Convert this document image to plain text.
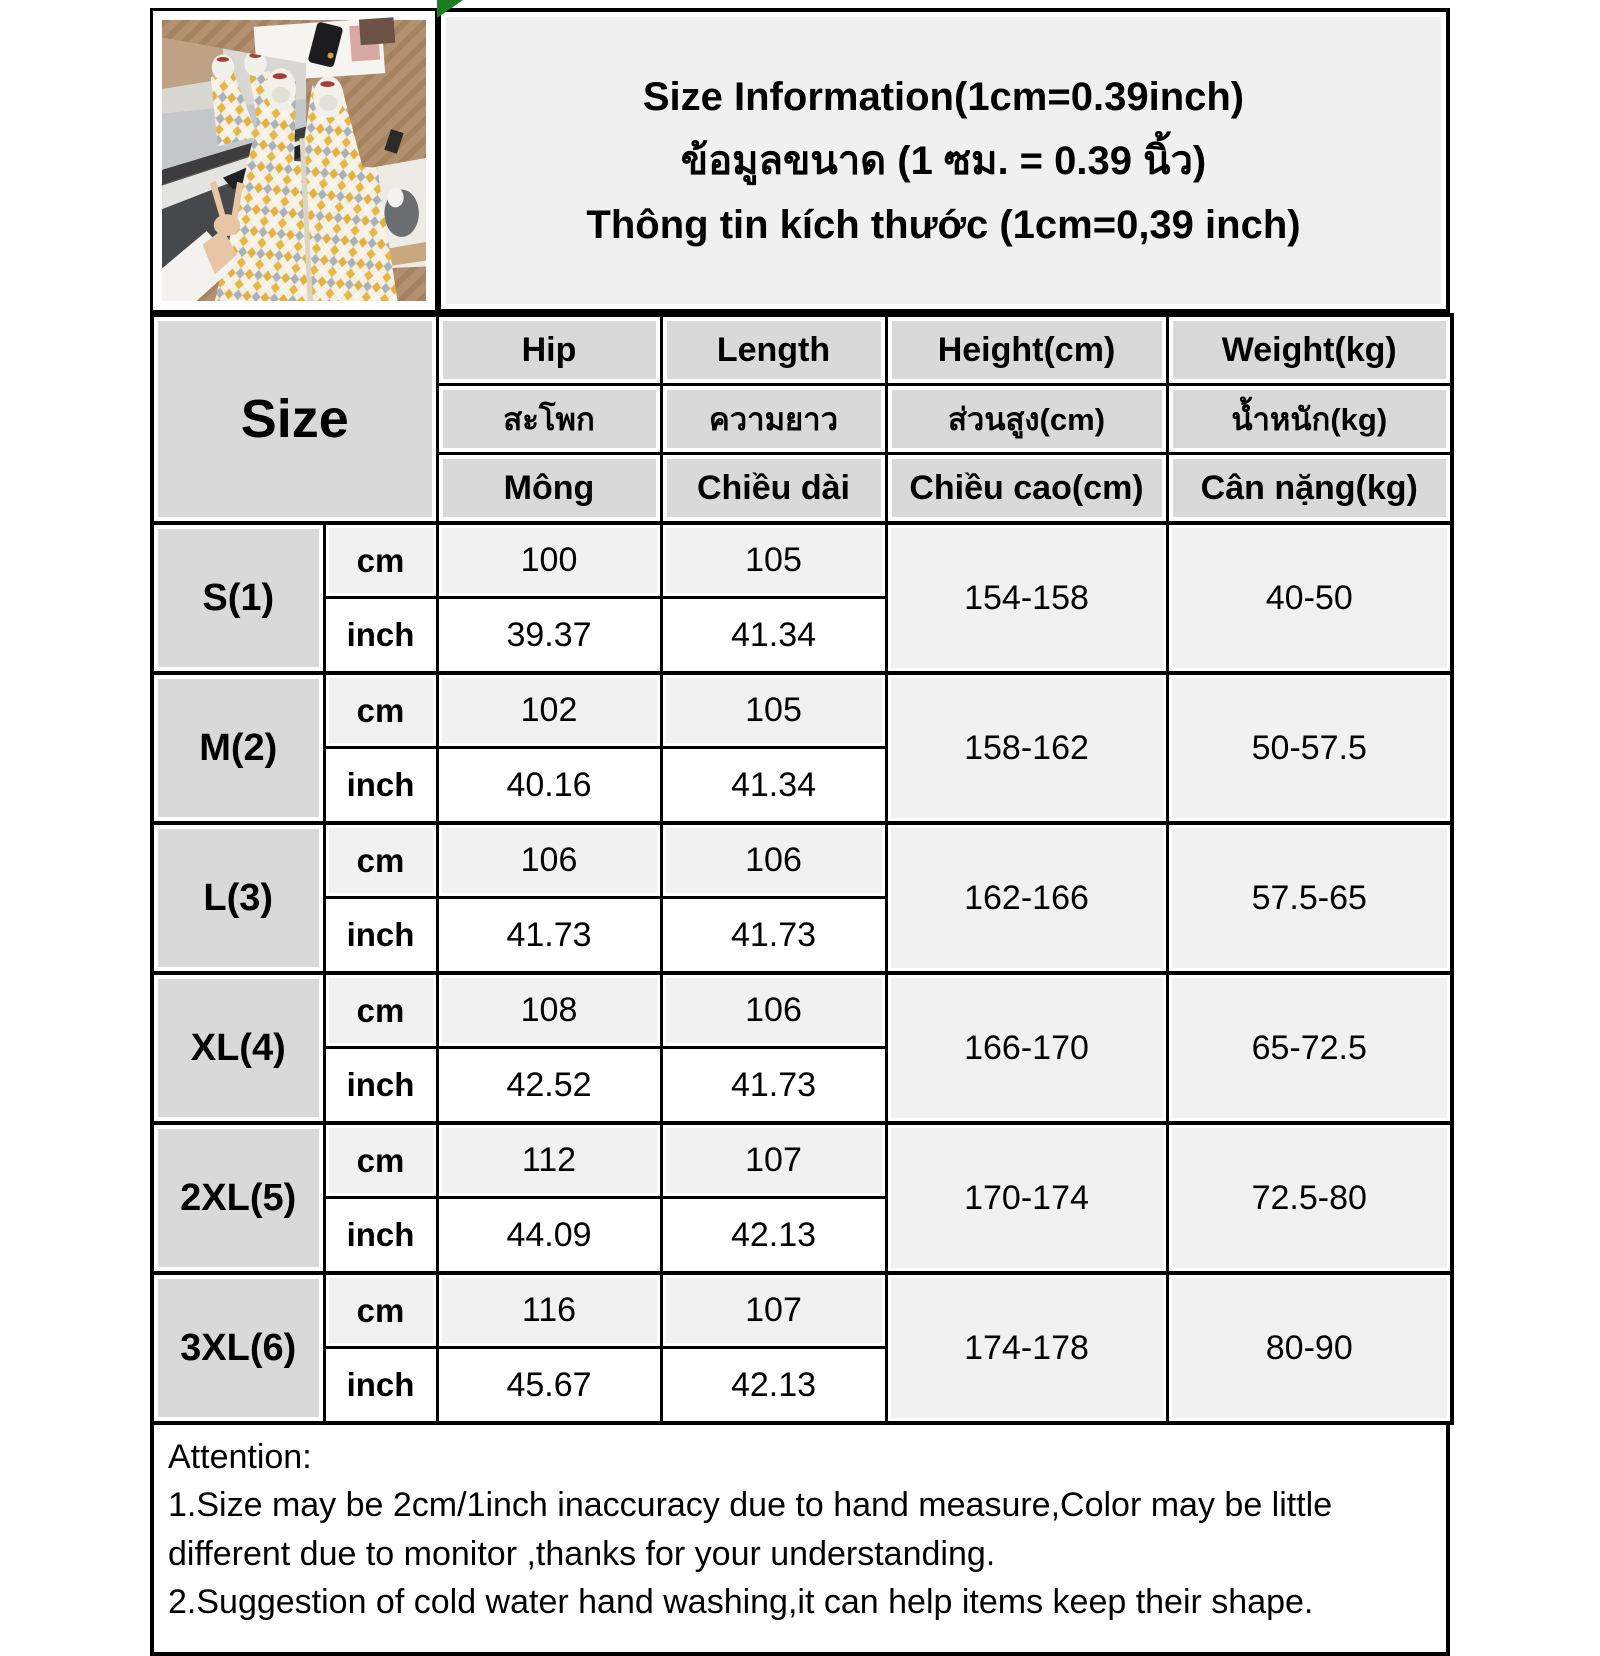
Size Information(1cm=0.39inch)
ข้อมูลขนาด (1 ซม. = 0.39 นิ้ว)
Thông tin kích thước (1cm=0,39 inch)
Size		Hip	Length	Height(cm)	Weight(kg)
		สะโพก	ความยาว	ส่วนสูง(cm)	น้ำหนัก(kg)
		Mông	Chiều dài	Chiều cao(cm)	Cân nặng(kg)
S(1)	cm	100	105	154-158	40-50
	inch	39.37	41.34		
M(2)	cm	102	105	158-162	50-57.5
	inch	40.16	41.34		
L(3)	cm	106	106	162-166	57.5-65
	inch	41.73	41.73		
XL(4)	cm	108	106	166-170	65-72.5
	inch	42.52	41.73		
2XL(5)	cm	112	107	170-174	72.5-80
	inch	44.09	42.13		
3XL(6)	cm	116	107	174-178	80-90
	inch	45.67	42.13		
Attention:
1.Size may be 2cm/1inch inaccuracy due to hand measure,Color may be little different due to monitor ,thanks for your understanding.
2.Suggestion of cold water hand washing,it can help items keep their shape.
